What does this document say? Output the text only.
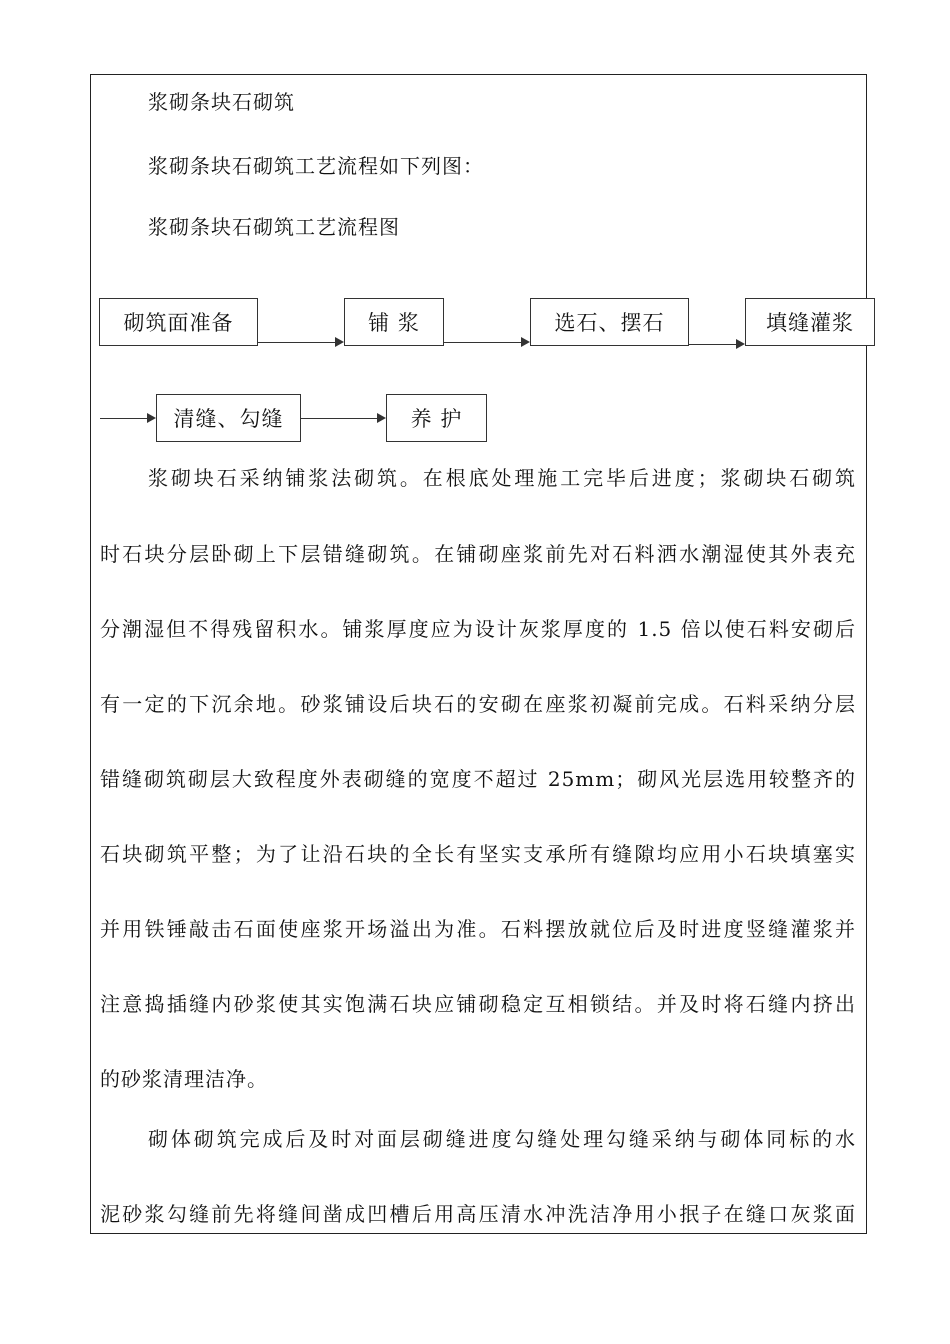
浆砌条块石砌筑
浆砌条块石砌筑工艺流程如下列图：
浆砌条块石砌筑工艺流程图
砌筑面准备	铺 浆	选石、摆石	填缝灌浆
清缝、勾缝	养 护
浆砌块石采纳铺浆法砌筑。在根底处理施工完毕后进度；浆砌块石砌筑
时石块分层卧砌上下层错缝砌筑。在铺砌座浆前先对石料洒水潮湿使其外表充
分潮湿但不得残留积水。铺浆厚度应为设计灰浆厚度的 1.5 倍以使石料安砌后
有一定的下沉余地。砂浆铺设后块石的安砌在座浆初凝前完成。石料采纳分层
错缝砌筑砌层大致程度外表砌缝的宽度不超过 25mm；砌风光层选用较整齐的
石块砌筑平整；为了让沿石块的全长有坚实支承所有缝隙均应用小石块填塞实
并用铁锤敲击石面使座浆开场溢出为准。石料摆放就位后及时进度竖缝灌浆并
注意捣插缝内砂浆使其实饱满石块应铺砌稳定互相锁结。并及时将石缝内挤出
的砂浆清理洁净。
砌体砌筑完成后及时对面层砌缝进度勾缝处理勾缝采纳与砌体同标的水
泥砂浆勾缝前先将缝间凿成凹槽后用高压清水冲洗洁净用小抿子在缝口灰浆面
